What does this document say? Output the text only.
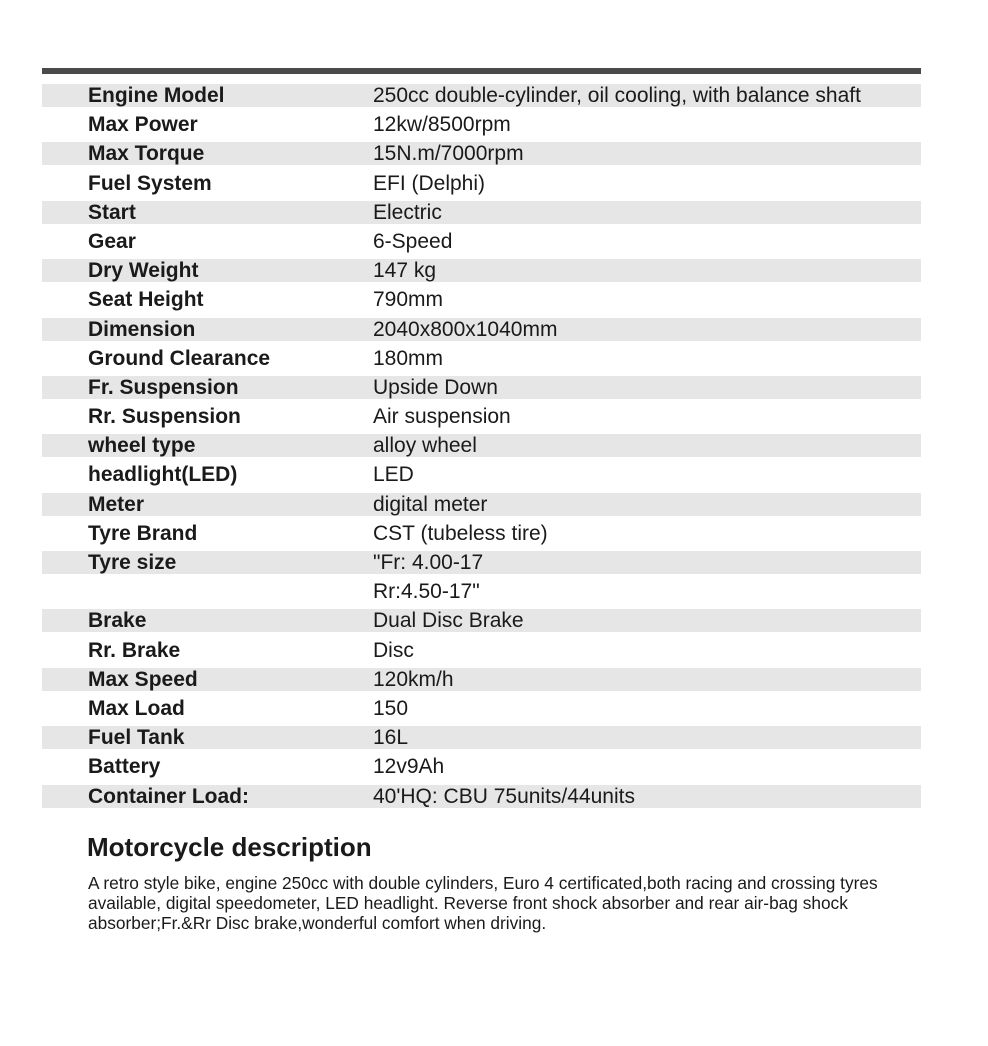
Engine Model	250cc double-cylinder, oil cooling, with balance shaft
Max Power	12kw/8500rpm
Max Torque	15N.m/7000rpm
Fuel System	EFI (Delphi)
Start	Electric
Gear	6-Speed
Dry Weight	147 kg
Seat Height	790mm
Dimension	2040x800x1040mm
Ground Clearance	180mm
Fr. Suspension	Upside Down
Rr. Suspension	Air suspension
wheel type	alloy wheel
headlight(LED)	LED
Meter	digital meter
Tyre Brand	CST (tubeless tire)
Tyre size	"Fr: 4.00-17
Rr:4.50-17"
Brake	Dual Disc Brake
Rr. Brake	Disc
Max Speed	120km/h
Max Load	150
Fuel Tank	16L
Battery	12v9Ah
Container Load:	40'HQ: CBU 75units/44units
Motorcycle description

A retro style bike, engine 250cc with double cylinders, Euro 4 certificated,both racing and crossing tyres available, digital speedometer, LED headlight. Reverse front shock absorber and rear air-bag shock absorber;Fr.&Rr Disc brake,wonderful comfort when driving.
